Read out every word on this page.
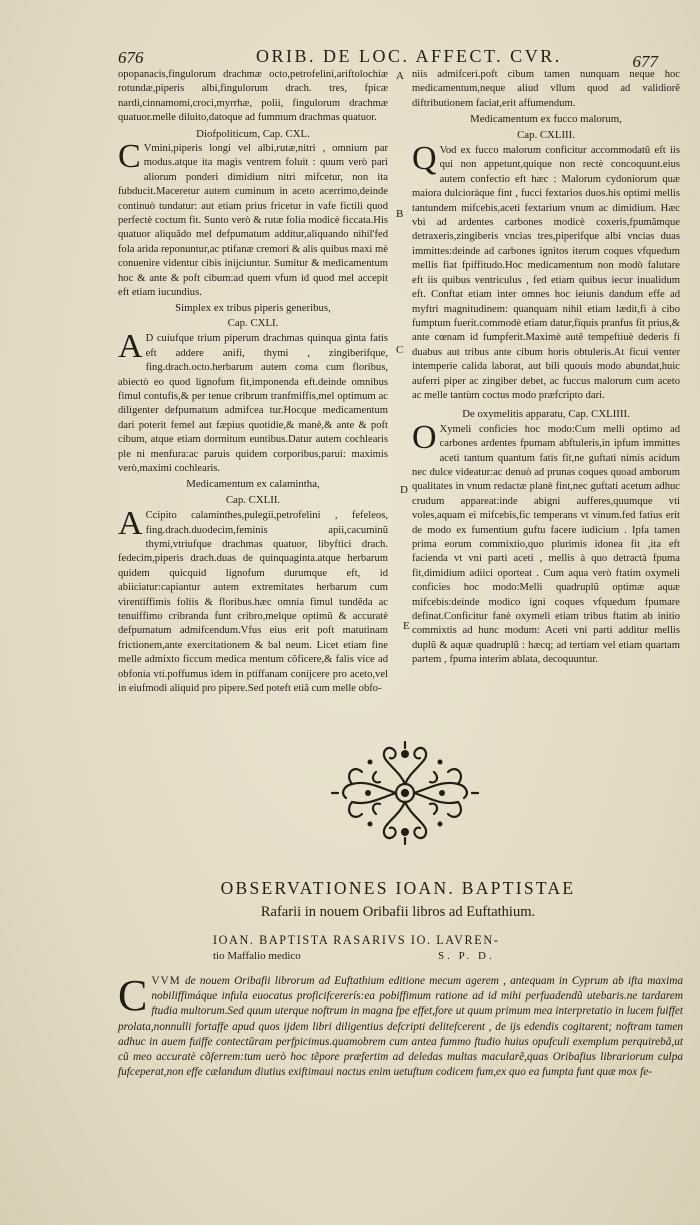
676	ORIB. DE LOC. AFFECT. CVR.	677
A
B
C
D
E

opopanacis,fingulorum drachmæ octo,petrofelini,ariftolochiæ rotundæ,piperis albi,fingulorum drach. tres, fpicæ nardi,cinnamomi,croci,myrrhæ, polii, fingulorum drachmæ quatuor.melle diluito,datoque ad fummum drachmas quatuor.

Diofpoliticum, Cap. CXL.

C Vmini,piperis longi vel albi,rutæ,nitri , omnium par modus.atque ita magis ventrem foluit : quum verò pari aliorum ponderi dimidium nitri mifcetur, non ita fubducit.Maceretur autem cuminum in aceto acerrimo,deinde continuò tundatur: aut etiam prius fricetur in vafe fictili quod perfectè coctum fit. Sunto verò & rutæ folia modicè ficcata.His quatuor aliquãdo mel defpumatum additur,aliquando nihil'fed fola arida reponuntur,ac ptifanæ cremori & alis quibus maxi mè conuenire videntur cibis inijciuntur. Sumitur & medicamentum hoc & ante & poft cibum:ad quem vfum id quod mel accepit eft etiam iucundius.

Simplex ex tribus piperis generibus,

Cap. CXLI.

A D cuiufque trium piperum drachmas quinqua ginta fatis eft addere anifi, thymi , zingiberifque, fing.drach.octo.herbarum autem coma cum floribus, abiectò eo quod lignofum fit,imponenda eft.deinde omnibus fimul contufis,& per tenue cribrum tranfmiffis,mel optimum ac diligenter defpumatum admifcea tur.Hocque medicamentum dari poterit femel aut fæpius quotidie,& manè,& ante & poft cibum, atque etiam dormitum euntibus.Datur autem cochlearis ple ni menfura:ac paruis quidem corporibus,parui: maximis verò,maximi cochlearis.

Medicamentum ex calamintha,

Cap. CXLII.

A Ccipito calaminthes,pulegii,petrofelini , fefeleos, fing.drach.duodecim,feminis apii,cacuminũ thymi,vtriufque drachmas quatuor, libyftici drach. fedecim,piperis drach.duas de quinquaginta.atque herbarum quidem quicquid lignofum durumque eft, id abiiciatur:capiantur autem extremitates herbarum cum virentiffimis foliis & floribus.hæc omnia fimul tundẽda ac tenuiffimo cribranda funt cribro,melque optimũ & accuratè defpumatum admifcendum.Vfus eius erit poft matutinam frictionem,ante exercitationem & bal neum. Licet etiam fine melle admixto ficcum medica mentum cõficere,& falis vice ad obfonia vti.poffumus idem in ptiffanam conijcere pro aceto,vel in eiufmodi aliquid pro pipere.Sed poteft etiã cum melle obfo-

niis admifceri.poft cibum tamen nunquam neque hoc medicamentum,neque aliud vllum quod ad validiorẽ diftributionem faciat,erit affumendum.

Medicamentum ex fucco malorum,

Cap. CXLIII.

Q Vod ex fucco malorum conficitur accommodatũ eft iis qui non appetunt,quique non rectè concoquunt.eius autem confectio eft hæc : Malorum cydoniorum quæ maiora dulcioràque fint , fucci fextarios duos.his optimi mellis tantundem mifcebis,aceti fextarium vnum ac dimidium. Hæc vbi ad ardentes carbones modicè coxeris,fpumãmque detraxeris,zingiberis vncias tres,piperifque albi vncias duas immittes:deinde ad carbones ignitos iterum coques vfquedum mellis fiat fpiffitudo.Hoc medicamentum non modò falutare eft iis quibus ventriculus , fed etiam quibus iecur inualidum eft. Conftat etiam inter omnes hoc ieiunis dandum effe ad myftri magnitudinem: quanquam nihil etiam lædit,fi à cibo fumptum fuerit.commodè etiam datur,fiquis pranfus fit prius,& ante cœnam id fumpferit.Maximè autẽ tempeftiuè dederis fi duabus aut tribus ante cibum horis obtuleris.At ficui venter intemperie calida laborat, aut bili quouis modo abundat,huic auferri piper ac zingiber debet, ac fuccus malorum cum aceto ac melle tantùm coctus modo præfcripto dari.

De oxymelitis apparatu, Cap. CXLIIII.

O Xymeli conficies hoc modo:Cum melli optimo ad carbones ardentes fpumam abftuleris,in ipfum immittes aceti tantum quantum fatis fit,ne guftati nimis acidum nec dulce videatur:ac denuò ad prunas coques quoad amborum qualitates in vnum redactæ planè fint,nec guftati acetum adhuc crudum appareat:inde abigni aufferes,quumque vti voles,aquam ei mifcebis,fic temperans vt vinum.fed fatius erit de modo ex fumentium guftu facere iudicium . Ipfa tamen prima eorum commixtio,quo plurimis idonea fit ,ita eft facienda vt vni parti aceti , mellis à quo detractà fpuma fit,dimidium adiici oporteat . Cum aqua verò ftatim oxymeli conficies hoc modo:Melli quadruplũ optimæ aquæ mifcebis:deinde modico igni coques vfquedum fpumare definat.Conficitur fanè oxymeli etiam tribus ftatim ab initio commixtis ad hunc modum: Aceti vni parti additur mellis duplũ & aquæ quadruplũ : hæcq; ad tertiam vel etiam quartam partem , fpuma interim ablata, decoquuntur.

OBSERVATIONES IOAN. BAPTISTAE
Rafarii in nouem Oribafii libros ad Euftathium.
IOAN. BAPTISTA RASARIVS IO. LAVREN-
tio Maffalio medico	S. P. D.
CVVM de nouem Oribafii librorum ad Euftathium editione mecum agerem , antequam in Cyprum ab ifta maxima nobiliffimáque infula euocatus proficifcererís:ea pobiffimum ratione ad id mihi perfuadendũ utebaris.ne tardarem ftudia multorum.Sed quum uterque noftrum in magna fpe effet,fore ut quum primum mea interpretatio in lucem fuiffet prolata,nonnulli fortaffe apud quos ijdem libri diligentius defcripti delitefcerent , de ijs edendis cogitarent; noftram tamen adhuc in auem fuiffe contectũram perfpicimus.quamobrem cum antea fummo ftudio huius opufculi exemplum perquirebã,ut cũ meo accuratè cõferrem:tum uerò hoc tẽpore præfertim ad deledas multas macularẽ,quas Oribafius librariorum culpa fufceperat,non effe cælandum diutius exiftimaui nactus enim uetuftum codicem fum,ex quo ea fumpta funt quæ mox fe-
